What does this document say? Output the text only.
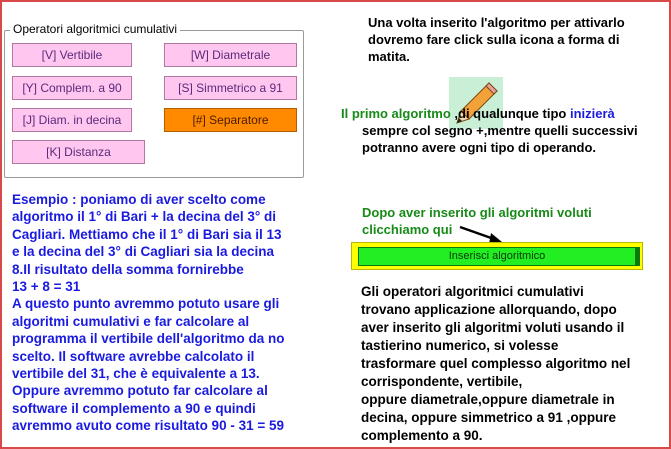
Operatori algoritmici cumulativi
[V] Vertibile	[W] Diametrale
[Y] Complem. a 90	[S] Simmetrico a 91
[J] Diam. in decina	[#] Separatore
[K] Distanza
Una volta inserito l'algoritmo per attivarlo
dovremo fare click sulla icona a forma di
matita.
Il primo algoritmo ,di qualunque tipo inizierà
sempre col segno +,mentre quelli successivi
potranno avere ogni tipo di operando.
Esempio : poniamo di aver scelto come
algoritmo il 1° di Bari + la decina del 3° di
Cagliari. Mettiamo che il 1° di Bari sia il 13
e la decina del 3° di Cagliari sia la decina
8.Il risultato della somma fornirebbe
13 + 8 = 31
A questo punto avremmo potuto usare gli
algoritmi cumulativi e far calcolare al
programma il vertibile dell'algoritmo da no
scelto. Il software avrebbe calcolato il
vertibile del 31, che è equivalente a 13.
Oppure avremmo potuto far calcolare al
software il complemento a 90 e quindi
avremmo avuto come risultato 90 - 31 = 59
Dopo aver inserito gli algoritmi voluti
clicchiamo qui
Inserisci algoritmico
Gli operatori algoritmici cumulativi
trovano applicazione allorquando, dopo
aver inserito gli algoritmi voluti usando il
tastierino numerico, si volesse
trasformare quel complesso algoritmo nel
corrispondente, vertibile,
oppure diametrale,oppure diametrale in
decina, oppure simmetrico a 91 ,oppure
complemento a 90.
